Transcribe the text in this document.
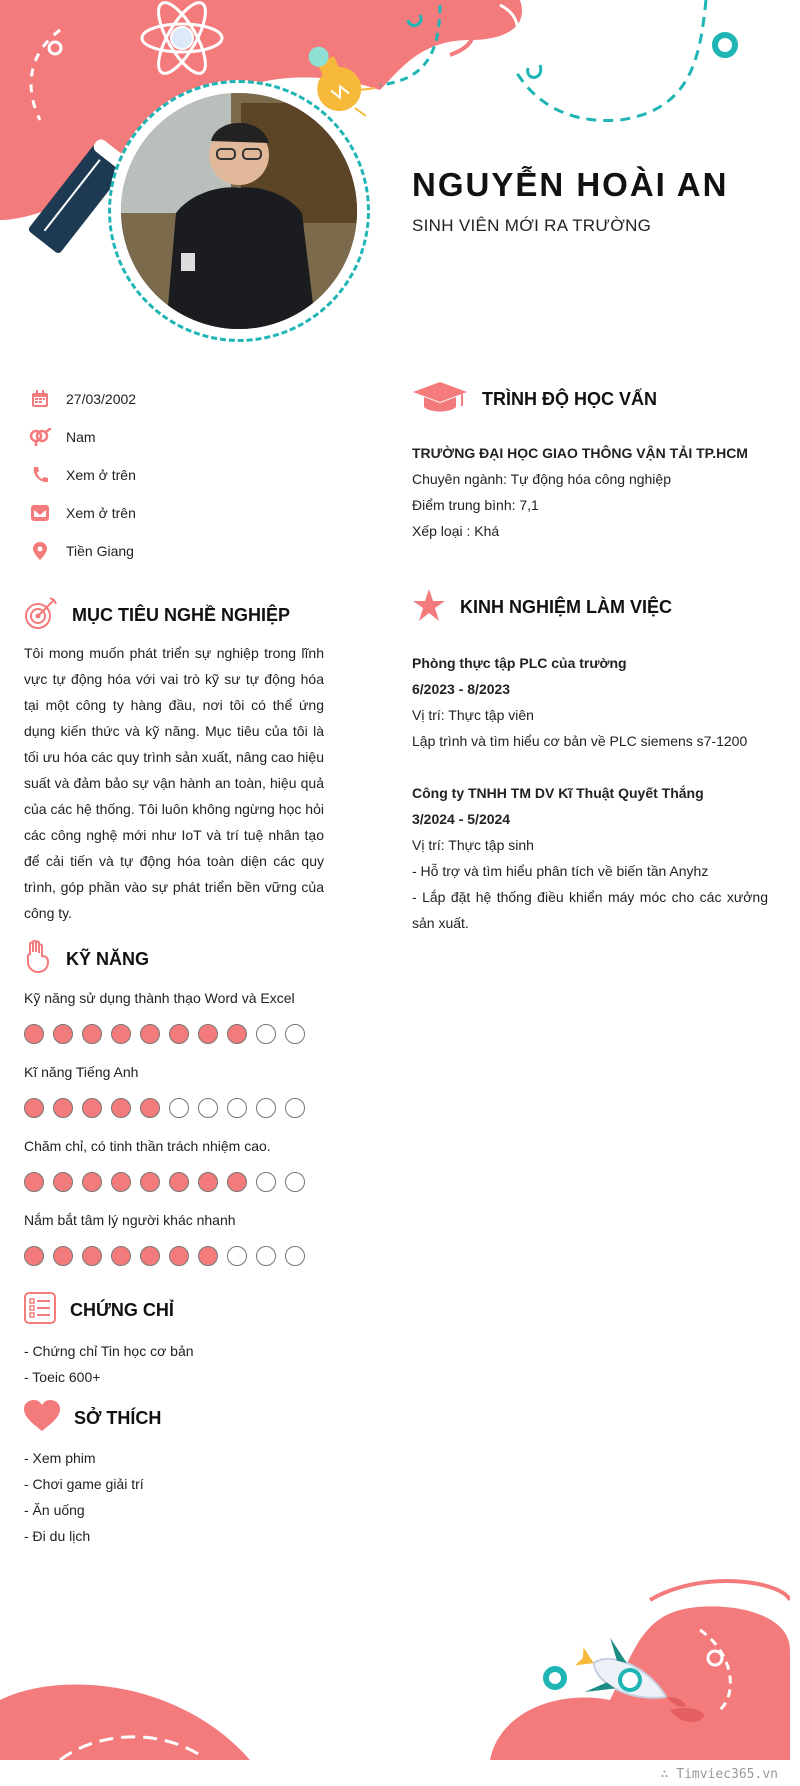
NGUYỄN HOÀI AN
SINH VIÊN MỚI RA TRƯỜNG
27/03/2002
Nam
Xem ở trên
Xem ở trên
Tiền Giang
MỤC TIÊU NGHỀ NGHIỆP
Tôi mong muốn phát triển sự nghiệp trong lĩnh vực tự động hóa với vai trò kỹ sư tự động hóa tại một công ty hàng đầu, nơi tôi có thể ứng dụng kiến thức và kỹ năng. Mục tiêu của tôi là tối ưu hóa các quy trình sản xuất, nâng cao hiệu suất và đảm bảo sự vận hành an toàn, hiệu quả của các hệ thống. Tôi luôn không ngừng học hỏi các công nghệ mới như IoT và trí tuệ nhân tạo để cải tiến và tự động hóa toàn diện các quy trình, góp phần vào sự phát triển bền vững của công ty.
KỸ NĂNG
Kỹ năng sử dụng thành thạo Word và Excel
Kĩ năng Tiếng Anh
Chăm chỉ, có tinh thần trách nhiệm cao.
Nắm bắt tâm lý người khác nhanh
CHỨNG CHỈ
- Chứng chỉ Tin học cơ bản
- Toeic 600+
SỞ THÍCH
- Xem phim
- Chơi game giải trí
- Ăn uống
- Đi du lịch
TRÌNH ĐỘ HỌC VẤN
TRƯỜNG ĐẠI HỌC GIAO THÔNG VẬN TẢI TP.HCM
Chuyên ngành: Tự động hóa công nghiệp
Điểm trung bình: 7,1
Xếp loại : Khá
KINH NGHIỆM LÀM VIỆC
Phòng thực tập PLC của trường
6/2023 - 8/2023
Vị trí: Thực tập viên
Lập trình và tìm hiểu cơ bản về PLC siemens s7-1200
Công ty TNHH TM DV Kĩ Thuật Quyết Thắng
3/2024 - 5/2024
Vị trí: Thực tập sinh
- Hỗ trợ và tìm hiểu phân tích về biến tần Anyhz
- Lắp đặt hệ thống điều khiển máy móc cho các xưởng sản xuất.
∴ Timviec365.vn
